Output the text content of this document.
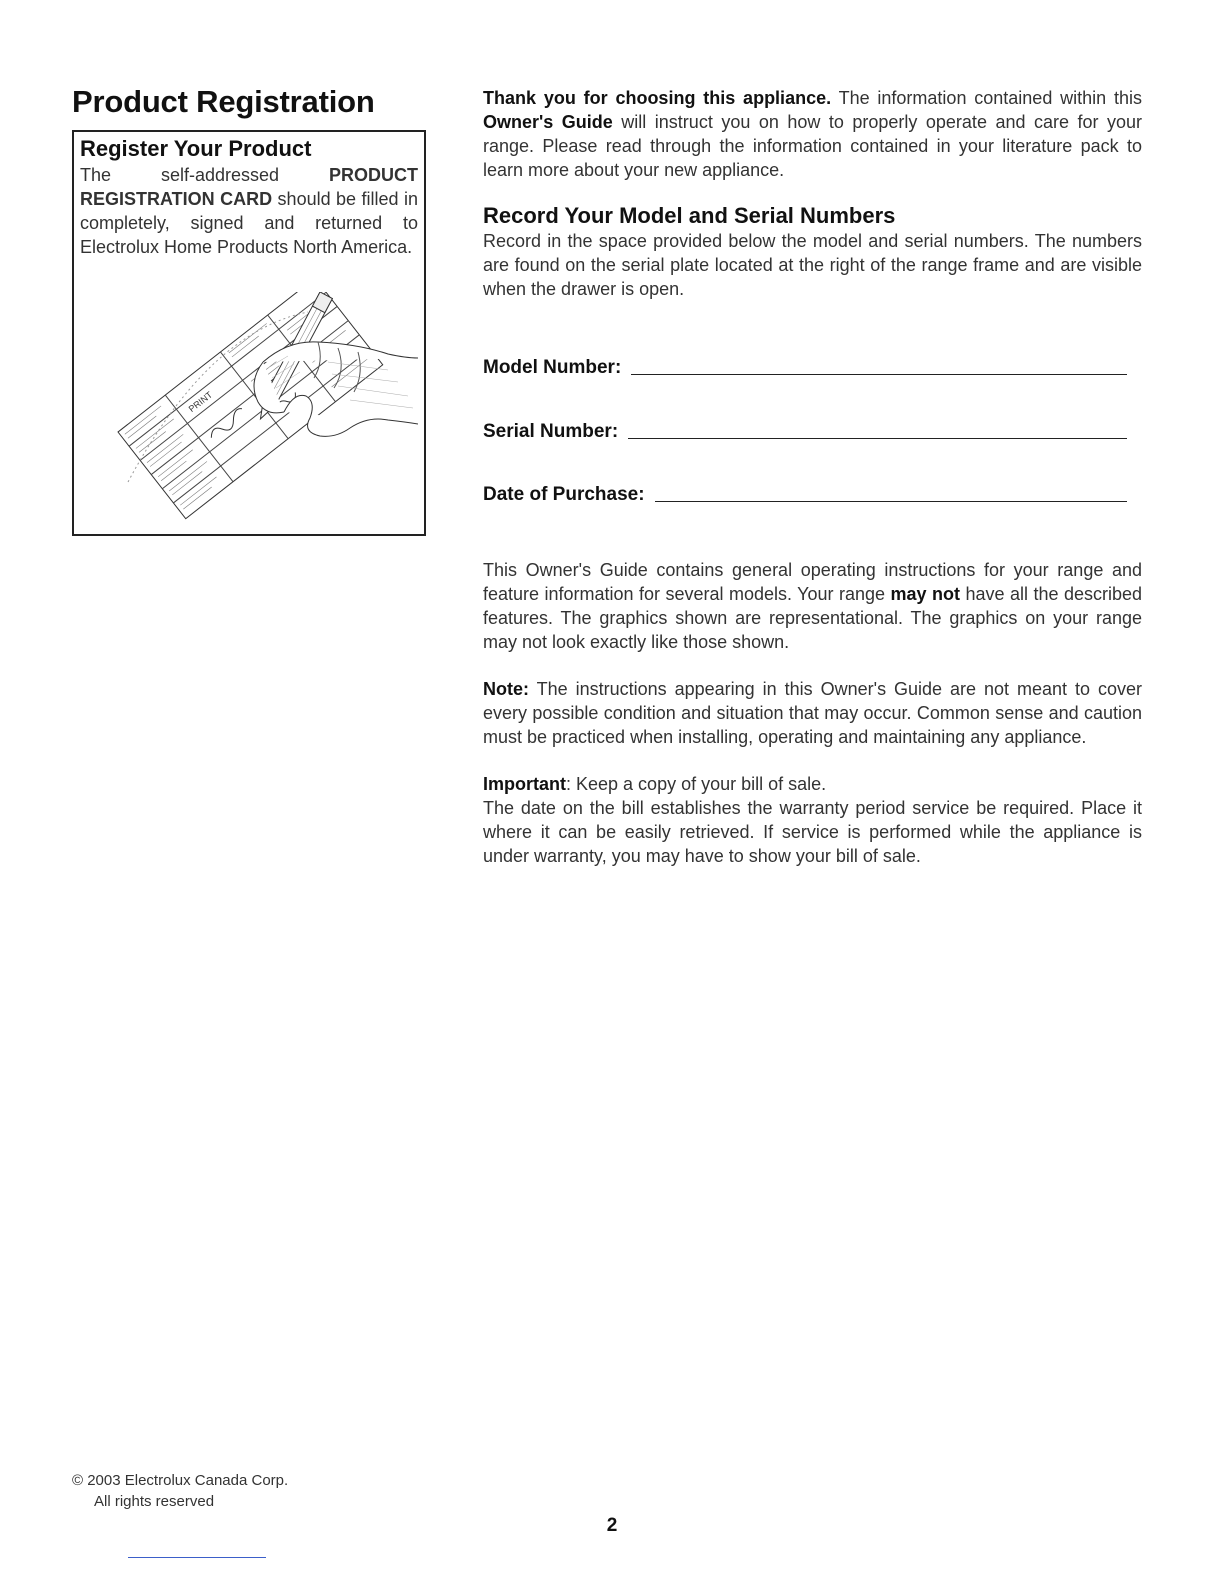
Product Registration
Register Your Product

The self-addressed PRODUCT REGISTRATION CARD should be filled in completely, signed and returned to Electrolux Home Products North America.

PRINT

Thank you for choosing this appliance. The information contained within this Owner's Guide will instruct you on how to properly operate and care for your range. Please read through the information contained in your literature pack to learn more about your new appliance.

Record Your Model and Serial Numbers

Record in the space provided below the model and serial numbers. The numbers are found on the serial plate located at the right of the range frame and are visible when the drawer is open.

Model Number:
Serial Number:
Date of Purchase:

This Owner's Guide contains general operating instructions for your range and feature information for several models. Your range may not have all the described features. The graphics shown are representational. The graphics on your range may not look exactly like those shown.

Note: The instructions appearing in this Owner's Guide are not meant to cover every possible condition and situation that may occur. Common sense and caution must be practiced when installing, operating and maintaining any appliance.

Important: Keep a copy of your bill of sale.
The date on the bill establishes the warranty period service be required. Place it where it can be easily retrieved. If service is performed while the appliance is under warranty, you may have to show your bill of sale.

© 2003 Electrolux Canada Corp.
All rights reserved
2
